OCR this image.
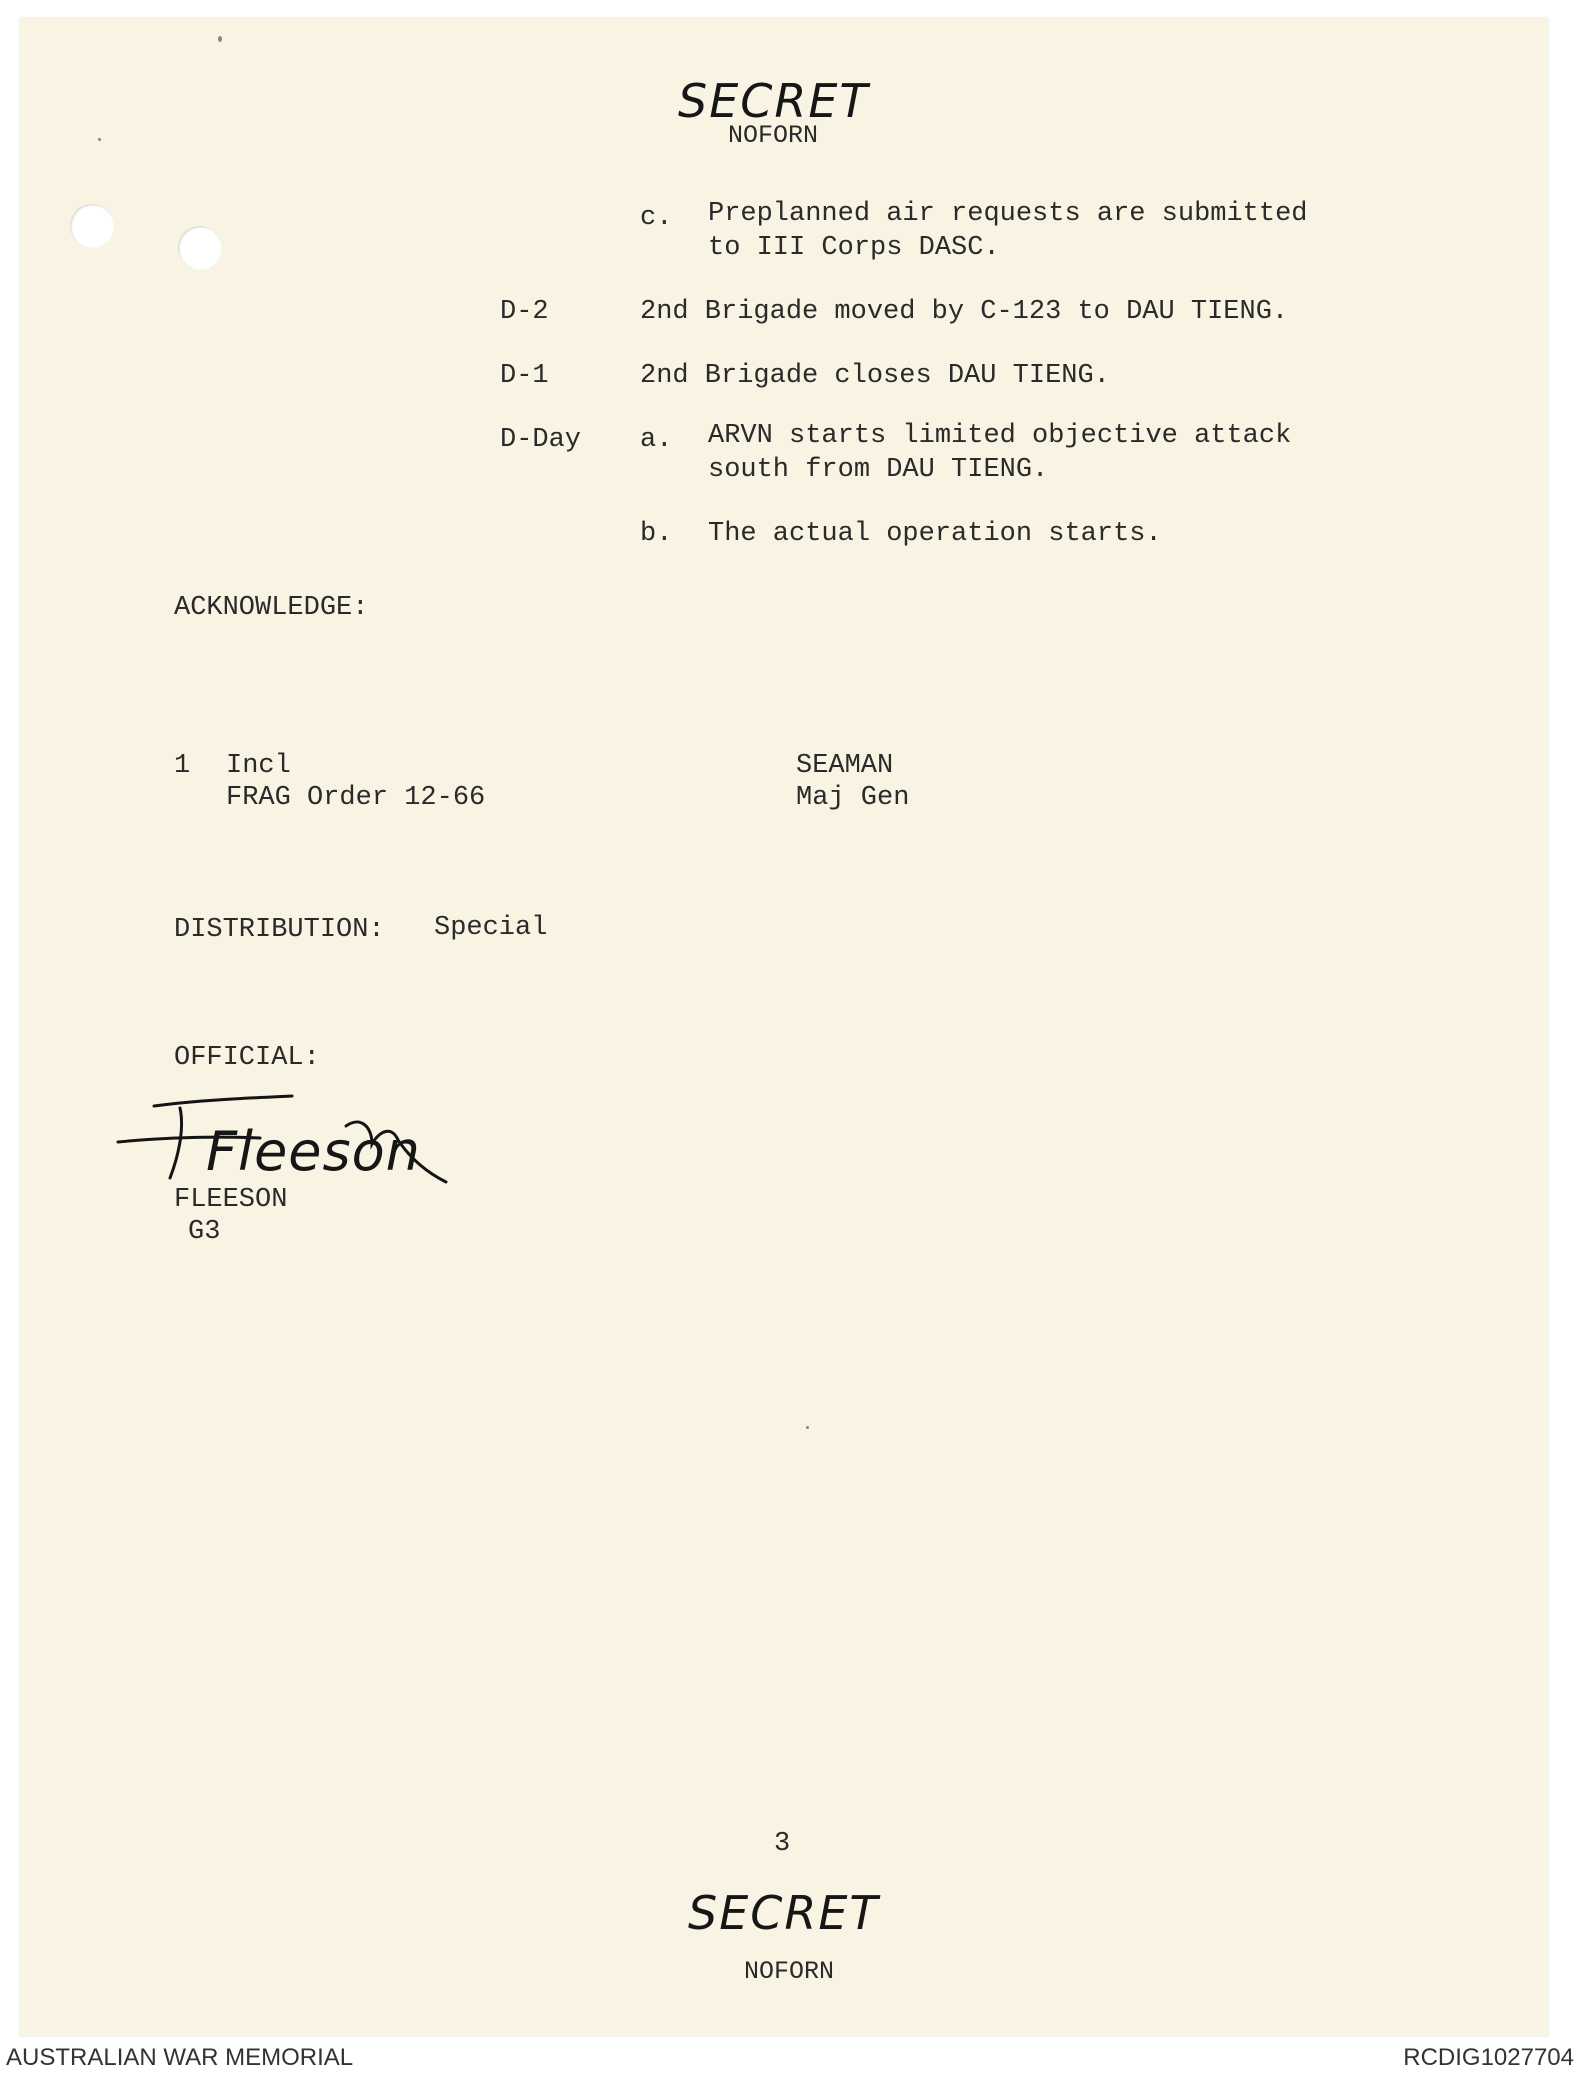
SECRET
NOFORN
c. Preplanned air requests are submitted
to III Corps DASC.
D-2	2nd Brigade moved by C-123 to DAU TIENG.
D-1	2nd Brigade closes DAU TIENG.
D-Day a. ARVN starts limited objective attack
south from DAU TIENG.
b. The actual operation starts.
ACKNOWLEDGE:
1 Incl
FRAG Order 12-66
SEAMAN
Maj Gen
DISTRIBUTION: Special
OFFICIAL:
Fleeson
FLEESON
G3
3
SECRET
NOFORN
AUSTRALIAN WAR MEMORIAL	RCDIG1027704
